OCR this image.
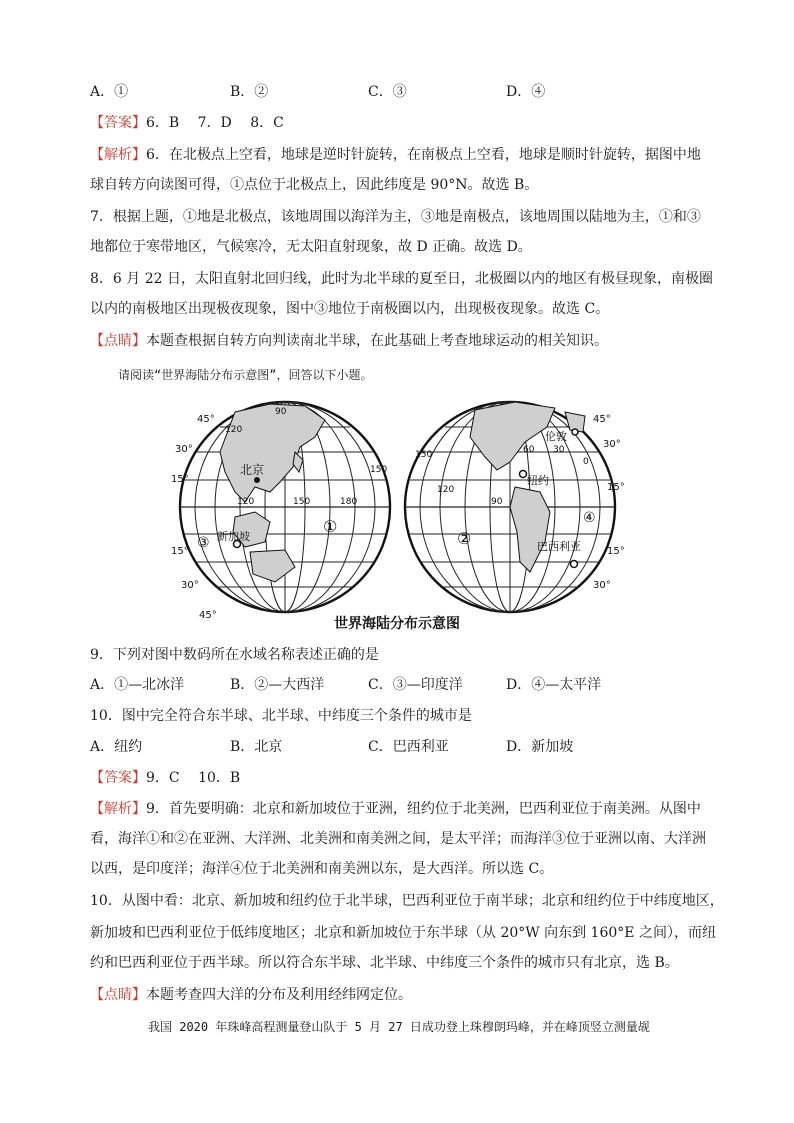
A．①	B．②	C．③	D．④
【答案】6．B　 7．D　 8．C
【解析】6．在北极点上空看，地球是逆时针旋转，在南极点上空看，地球是顺时针旋转，据图中地
球自转方向读图可得，①点位于北极点上，因此纬度是 90°N。故选 B。
7．根据上题，①地是北极点，该地周围以海洋为主，③地是南极点，该地周围以陆地为主，①和③
地都位于寒带地区，气候寒冷，无太阳直射现象，故 D 正确。故选 D。
8．6 月 22 日，太阳直射北回归线，此时为北半球的夏至日，北极圈以内的地区有极昼现象，南极圈
以内的南极地区出现极夜现象，图中③地位于南极圈以内，出现极夜现象。故选 C。
【点睛】本题查根据自转方向判读南北半球，在此基础上考查地球运动的相关知识。
请阅读“世界海陆分布示意图”，回答以下小题。
北京
新加坡
①
③
45°
30°
15°
15°
30°
45°
90
120	150	180
150
120	伦敦
纽约
巴西利亚
②
④
45°
30°
15°
15°
30°
150
120
90
60 30
0
世界海陆分布示意图
9．下列对图中数码所在水域名称表述正确的是
A．①—北冰洋	B．②—大西洋	C．③—印度洋	D．④—太平洋
10．图中完全符合东半球、北半球、中纬度三个条件的城市是
A．纽约	B．北京	C．巴西利亚	D．新加坡
【答案】9．C　 10．B
【解析】9．首先要明确：北京和新加坡位于亚洲，纽约位于北美洲，巴西利亚位于南美洲。从图中
看，海洋①和②在亚洲、大洋洲、北美洲和南美洲之间，是太平洋；而海洋③位于亚洲以南、大洋洲
以西，是印度洋；海洋④位于北美洲和南美洲以东，是大西洋。所以选 C。
10．从图中看：北京、新加坡和纽约位于北半球，巴西利亚位于南半球；北京和纽约位于中纬度地区，
新加坡和巴西利亚位于低纬度地区；北京和新加坡位于东半球（从 20°W 向东到 160°E 之间），而纽
约和巴西利亚位于西半球。所以符合东半球、北半球、中纬度三个条件的城市只有北京，选 B。
【点睛】本题考查四大洋的分布及利用经纬网定位。
我国 2020 年珠峰高程测量登山队于 5 月 27 日成功登上珠穆朗玛峰，并在峰顶竖立测量觇
